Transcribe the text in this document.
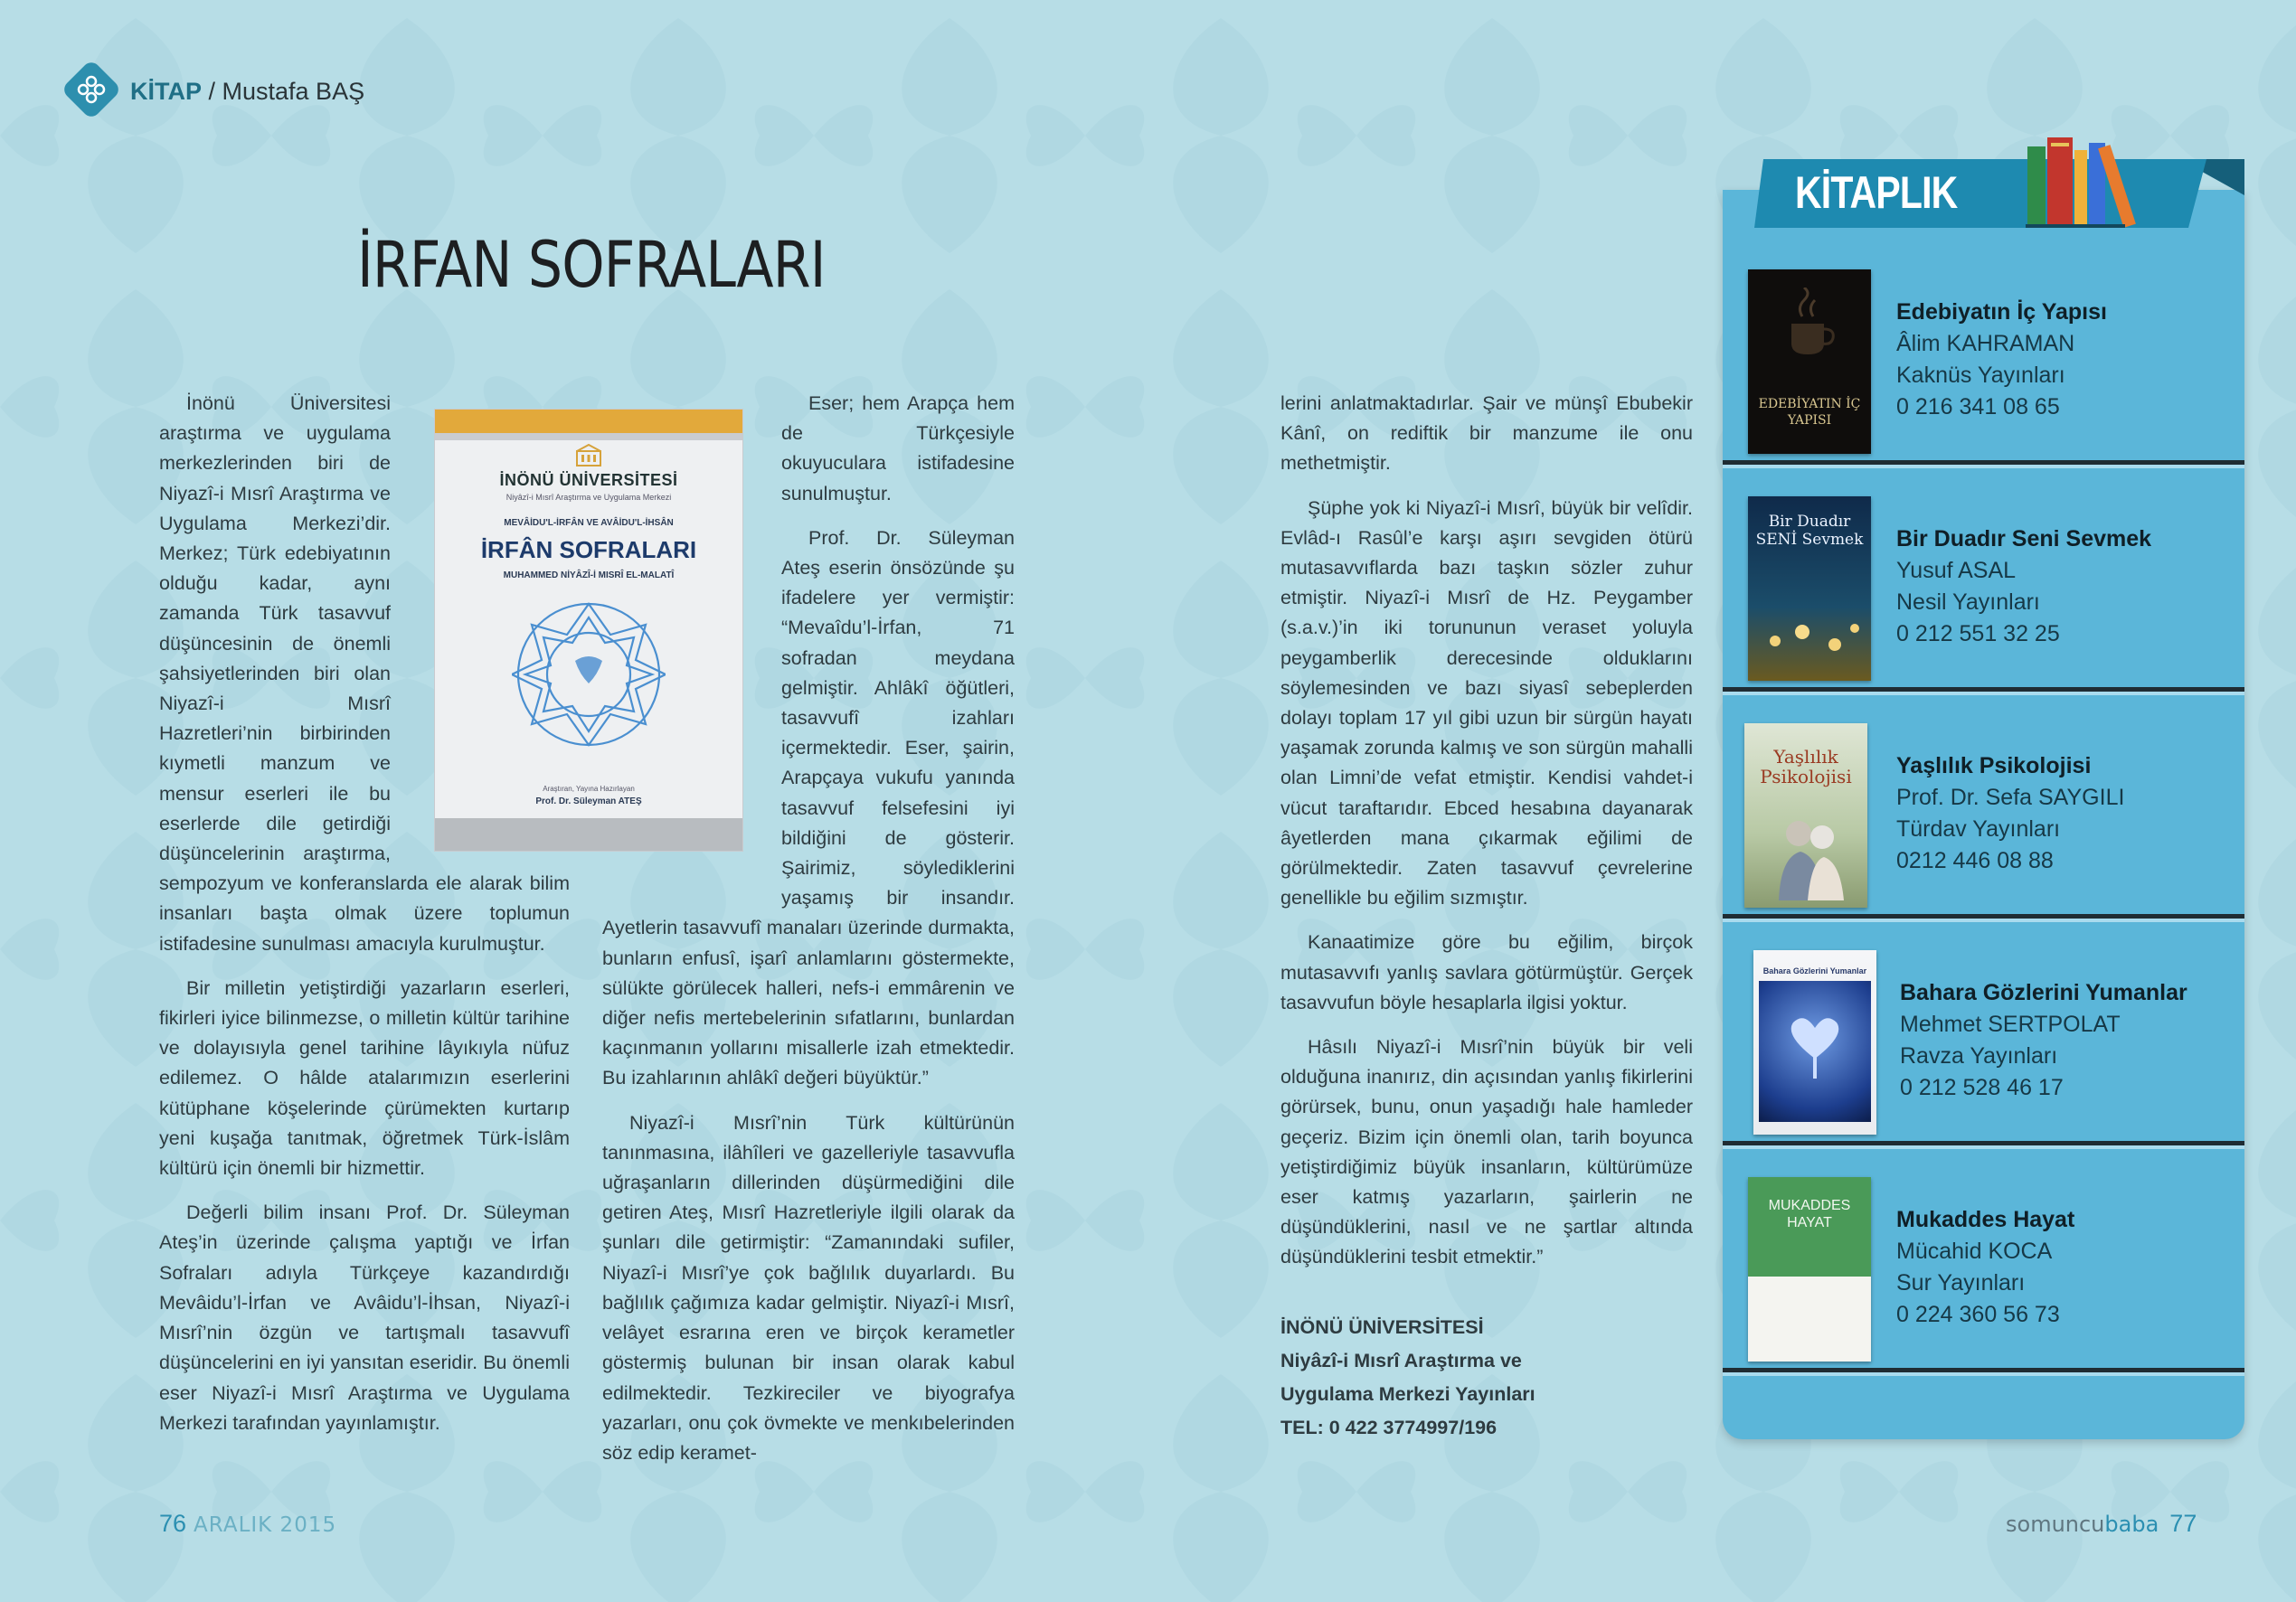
KİTAP / Mustafa BAŞ
İRFAN SOFRALARI
İNÖNÜ ÜNİVERSİTESİ
Niyâzî-i Mısrî Araştırma ve Uygulama Merkezi
MEVÂİDU'L-İRFÂN VE AVÂİDU'L-İHSÂN
İRFÂN SOFRALARI
MUHAMMED NİYÂZÎ-İ MISRÎ EL-MALATÎ
Araştıran, Yayına Hazırlayan
Prof. Dr. Süleyman ATEŞ

İnönü Üniversitesi araştırma ve uygulama merkezlerinden biri de Niyazî-i Mısrî Araştırma ve Uygulama Merkezi’dir. Merkez; Türk edebiyatının olduğu kadar, aynı zamanda Türk tasavvuf düşüncesinin de önemli şahsiyetlerinden biri olan Niyazî-i Mısrî Hazretleri’nin birbirinden kıymetli manzum ve mensur eserleri ile bu eserlerde dile getirdiği düşüncelerinin araştırma, sempozyum ve konferanslarda ele alarak bilim insanları başta olmak üzere toplumun istifadesine sunulması amacıyla kurulmuştur.

Bir milletin yetiştirdiği yazarların eserleri, fikirleri iyice bilinmezse, o milletin kültür tarihine ve dolayısıyla genel tarihine lâyıkıyla nüfuz edilemez. O hâlde atalarımızın eserlerini kütüphane köşelerinde çürümekten kurtarıp yeni kuşağa tanıtmak, öğretmek Türk-İslâm kültürü için önemli bir hizmettir.

Değerli bilim insanı Prof. Dr. Süleyman Ateş’in üzerinde çalışma yaptığı ve İrfan Sofraları adıyla Türkçeye kazandırdığı Mevâidu’l-İrfan ve Avâidu’l-İhsan, Niyazî-i Mısrî’nin özgün ve tartışmalı tasavvufî düşüncelerini en iyi yansıtan eseridir. Bu önemli eser Niyazî-i Mısrî Araştırma ve Uygulama Merkezi tarafından yayınlamıştır.

Eser; hem Arapça hem de Türkçesiyle okuyuculara istifadesine sunulmuştur.

Prof. Dr. Süleyman Ateş eserin önsözünde şu ifadelere yer vermiştir: “Mevaîdu’l-İrfan, 71 sofradan meydana gelmiştir. Ahlâkî öğütleri, tasavvufî izahları içermektedir. Eser, şairin, Arapçaya vukufu yanında tasavvuf felsefesini iyi bildiğini de gösterir. Şairimiz, söylediklerini yaşamış bir insandır. Ayetlerin tasavvufî manaları üzerinde durmakta, bunların enfusî, işarî anlamlarını göstermekte, sülükte görülecek halleri, nefs-i emmârenin ve diğer nefis mertebelerinin sıfatlarını, bunlardan kaçınmanın yollarını misallerle izah etmektedir. Bu izahlarının ahlâkî değeri büyüktür.”

Niyazî-i Mısrî’nin Türk kültürünün tanınmasına, ilâhîleri ve gazelleriyle tasavvufla uğraşanların dillerinden düşürmediğini dile getiren Ateş, Mısrî Hazretleriyle ilgili olarak da şunları dile getirmiştir: “Zamanındaki sufiler, Niyazî-i Mısrî’ye çok bağlılık duyarlardı. Bu bağlılık çağımıza kadar gelmiştir. Niyazî-i Mısrî, velâyet esrarına eren ve birçok kerametler göstermiş bulunan bir insan olarak kabul edilmektedir. Tezkireciler ve biyografya yazarları, onu çok övmekte ve menkıbelerinden söz edip keramet-

lerini anlatmaktadırlar. Şair ve münşî Ebubekir Kânî, on rediftik bir manzume ile onu methetmiştir.

Şüphe yok ki Niyazî-i Mısrî, büyük bir velîdir. Evlâd-ı Rasûl’e karşı aşırı sevgiden ötürü mutasavvıflarda bazı taşkın sözler zuhur etmiştir. Niyazî-i Mısrî de Hz. Peygamber (s.a.v.)’in iki torununun veraset yoluyla peygamberlik derecesinde olduklarını söylemesinden ve bazı siyasî sebeplerden dolayı toplam 17 yıl gibi uzun bir sürgün hayatı yaşamak zorunda kalmış ve son sürgün mahalli olan Limni’de vefat etmiştir. Kendisi vahdet-i vücut taraftarıdır. Ebced hesabına dayanarak âyetlerden mana çıkarmak eğilimi de görülmektedir. Zaten tasavvuf çevrelerine genellikle bu eğilim sızmıştır.

Kanaatimize göre bu eğilim, birçok mutasavvıfı yanlış savlara götürmüştür. Gerçek tasavvufun böyle hesaplarla ilgisi yoktur.

Hâsılı Niyazî-i Mısrî’nin büyük bir veli olduğuna inanırız, din açısından yanlış fikirlerini görürsek, bunu, onun yaşadığı hale hamleder geçeriz. Bizim için önemli olan, tarih boyunca yetiştirdiğimiz büyük insanların, kültürümüze eser katmış yazarların, şairlerin ne düşündüklerini, nasıl ve ne şartlar altında düşündüklerini tesbit etmektir.”

İNÖNÜ ÜNİVERSİTESİ
Niyâzî-i Mısrî Araştırma ve
Uygulama Merkezi Yayınları
TEL: 0 422 3774997/196
KİTAPLIK
EDEBİYATIN İÇ YAPISI
Edebiyatın İç Yapısı
Âlim KAHRAMAN
Kaknüs Yayınları
0 216 341 08 65
Bir Duadır SENİ Sevmek	Bir Duadır Seni Sevmek
Yusuf ASAL
Nesil Yayınları
0 212 551 32 25
Yaşlılık Psikolojisi	Yaşlılık Psikolojisi
Prof. Dr. Sefa SAYGILI
Türdav Yayınları
0212 446 08 88
Bahara Gözlerini Yumanlar
Bahara Gözlerini Yumanlar
Mehmet SERTPOLAT
Ravza Yayınları
0 212 528 46 17
MUKADDES HAYAT	Mukaddes Hayat
Mücahid KOCA
Sur Yayınları
0 224 360 56 73
76 ARALIK 2015	somuncubaba 77
